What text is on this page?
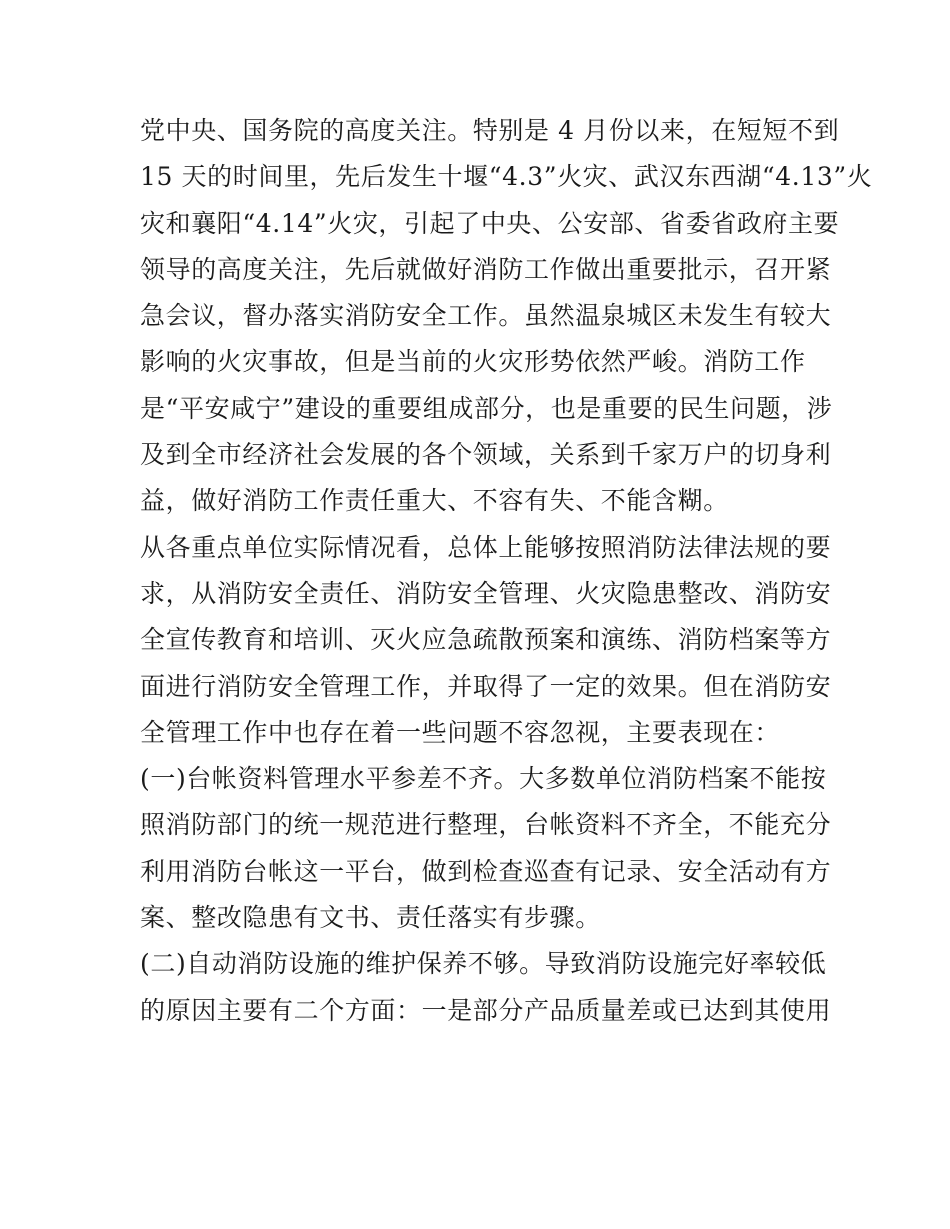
党中央、国务院的高度关注。特别是 4 月份以来，在短短不到
15 天的时间里，先后发生十堰“4.3”火灾、武汉东西湖“4.13”火
灾和襄阳“4.14”火灾，引起了中央、公安部、省委省政府主要
领导的高度关注，先后就做好消防工作做出重要批示，召开紧
急会议，督办落实消防安全工作。虽然温泉城区未发生有较大
影响的火灾事故，但是当前的火灾形势依然严峻。消防工作
是“平安咸宁”建设的重要组成部分，也是重要的民生问题，涉
及到全市经济社会发展的各个领域，关系到千家万户的切身利
益，做好消防工作责任重大、不容有失、不能含糊。
从各重点单位实际情况看，总体上能够按照消防法律法规的要
求，从消防安全责任、消防安全管理、火灾隐患整改、消防安
全宣传教育和培训、灭火应急疏散预案和演练、消防档案等方
面进行消防安全管理工作，并取得了一定的效果。但在消防安
全管理工作中也存在着一些问题不容忽视，主要表现在：
(一)台帐资料管理水平参差不齐。大多数单位消防档案不能按
照消防部门的统一规范进行整理，台帐资料不齐全，不能充分
利用消防台帐这一平台，做到检查巡查有记录、安全活动有方
案、整改隐患有文书、责任落实有步骤。
(二)自动消防设施的维护保养不够。导致消防设施完好率较低
的原因主要有二个方面：一是部分产品质量差或已达到其使用
